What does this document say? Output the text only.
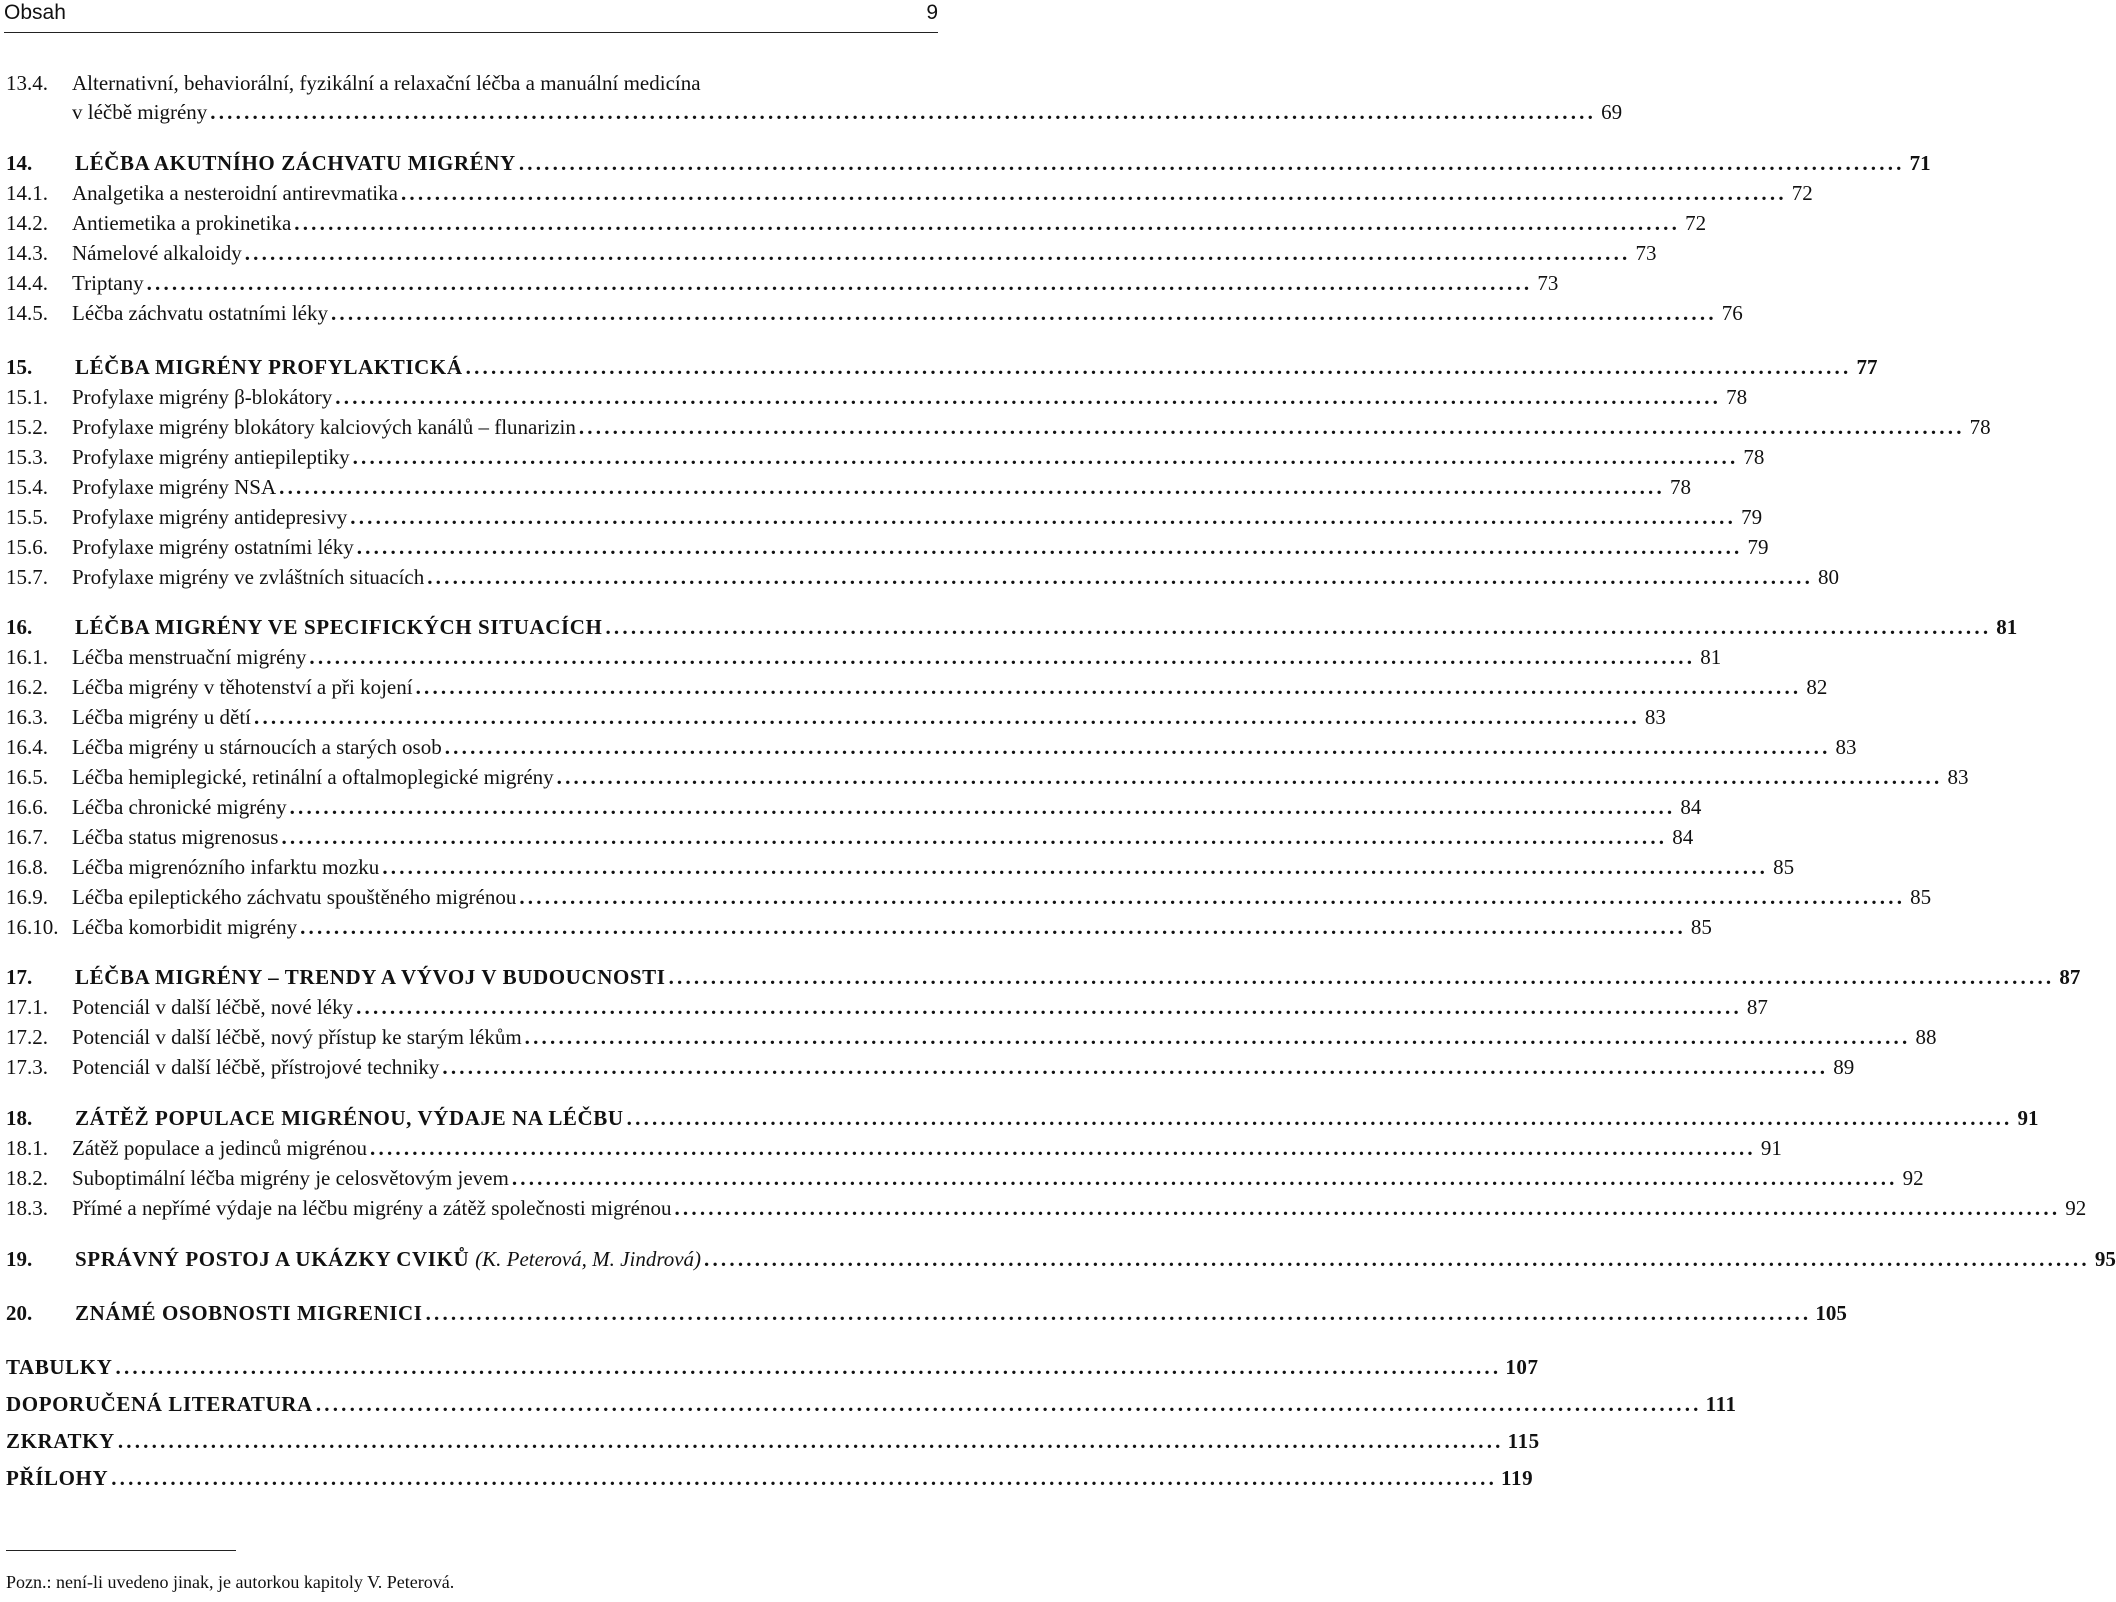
Obsah	9
13.4.	Alternativní, behaviorální, fyzikální a relaxační léčba a manuální medicína
v léčbě migrény .....	69
14.	LÉČBA AKUTNÍHO ZÁCHVATU MIGRÉNY .....	71
14.1.	Analgetika a nesteroidní antirevmatika .....	72
14.2.	Antiemetika a prokinetika .....	72
14.3.	Námelové alkaloidy .....	73
14.4.	Triptany .....	73
14.5.	Léčba záchvatu ostatními léky .....	76
15.	LÉČBA MIGRÉNY PROFYLAKTICKÁ .....	77
15.1.	Profylaxe migrény β-blokátory .....	78
15.2.	Profylaxe migrény blokátory kalciových kanálů – flunarizin .....	78
15.3.	Profylaxe migrény antiepileptiky .....	78
15.4.	Profylaxe migrény NSA .....	78
15.5.	Profylaxe migrény antidepresivy .....	79
15.6.	Profylaxe migrény ostatními léky .....	79
15.7.	Profylaxe migrény ve zvláštních situacích .....	80
16.	LÉČBA MIGRÉNY VE SPECIFICKÝCH SITUACÍCH .....	81
16.1.	Léčba menstruační migrény .....	81
16.2.	Léčba migrény v těhotenství a při kojení .....	82
16.3.	Léčba migrény u dětí .....	83
16.4.	Léčba migrény u stárnoucích a starých osob .....	83
16.5.	Léčba hemiplegické, retinální a oftalmoplegické migrény .....	83
16.6.	Léčba chronické migrény .....	84
16.7.	Léčba status migrenosus .....	84
16.8.	Léčba migrenózního infarktu mozku .....	85
16.9.	Léčba epileptického záchvatu spouštěného migrénou .....	85
16.10. Léčba komorbidit migrény .....	85
17.	LÉČBA MIGRÉNY – TRENDY A VÝVOJ V BUDOUCNOSTI .....	87
17.1.	Potenciál v další léčbě, nové léky .....	87
17.2.	Potenciál v další léčbě, nový přístup ke starým lékům .....	88
17.3.	Potenciál v další léčbě, přístrojové techniky .....	89
18.	ZÁTĚŽ POPULACE MIGRÉNOU, VÝDAJE NA LÉČBU .....	91
18.1.	Zátěž populace a jedinců migrénou .....	91
18.2.	Suboptimální léčba migrény je celosvětovým jevem .....	92
18.3.	Přímé a nepřímé výdaje na léčbu migrény a zátěž společnosti migrénou .....	92
19.	SPRÁVNÝ POSTOJ A UKÁZKY CVIKŮ (K. Peterová, M. Jindrová) .....	95
20.	ZNÁMÉ OSOBNOSTI MIGRENICI .....	105
TABULKY .....	107
DOPORUČENÁ LITERATURA .....	111
ZKRATKY .....	115
PŘÍLOHY .....	119
Pozn.: není-li uvedeno jinak, je autorkou kapitoly V. Peterová.
